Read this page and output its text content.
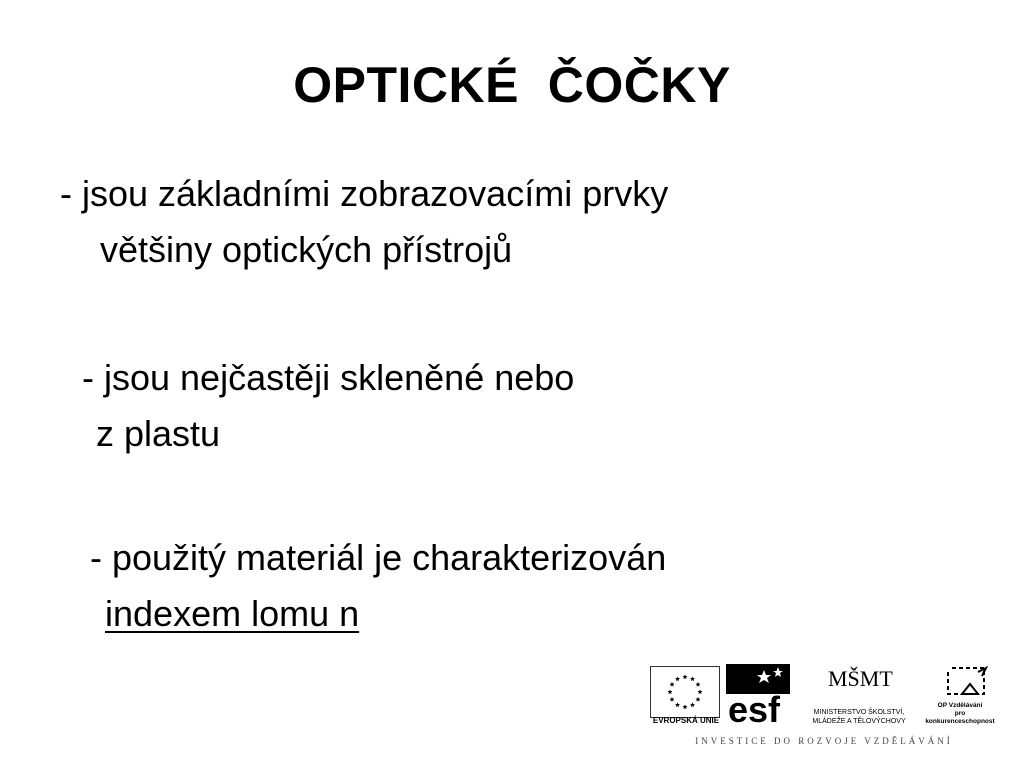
OPTICKÉ  ČOČKY
- jsou základními zobrazovacími prvky
většiny optických přístrojů
- jsou nejčastěji skleněné nebo
z plastu
- použitý materiál je charakterizován
indexem lomu n
EVROPSKÁ UNIE esf
MŠMT
MINISTERSTVO ŠKOLSTVÍ,
MLÁDEŽE A TĚLOVÝCHOVY
OP Vzdělávání
pro konkurenceschopnost
INVESTICE DO ROZVOJE VZDĚLÁVÁNÍ
